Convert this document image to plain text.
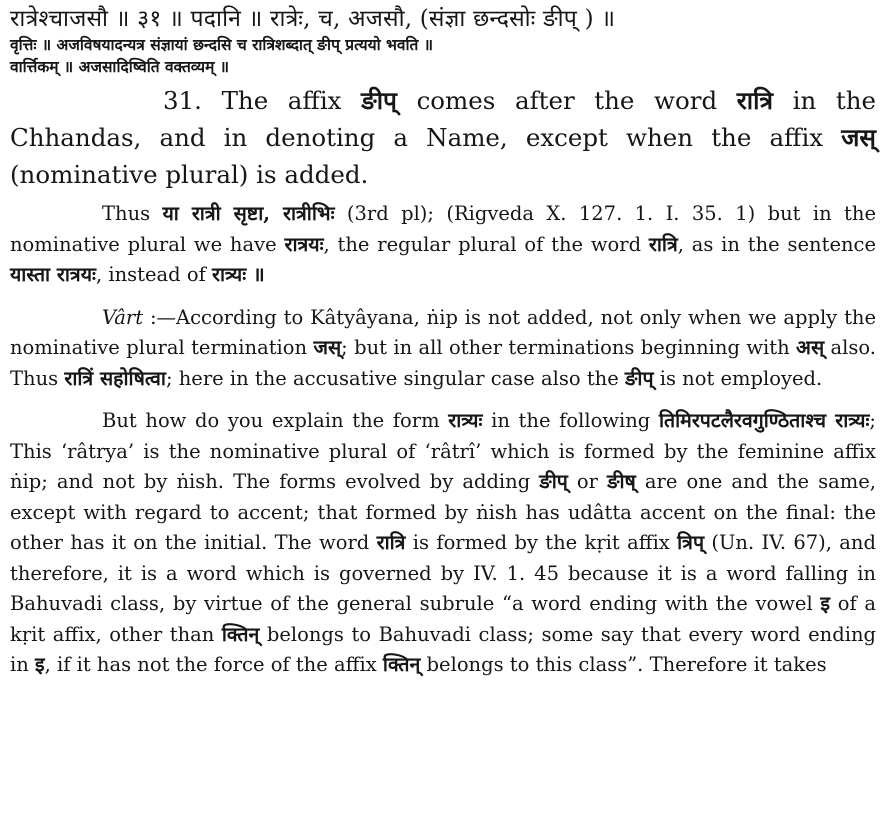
रात्रेश्चाजसौ ॥ ३१ ॥ पदानि ॥ रात्रेः, च, अजसौ, (संज्ञा छन्दसोः ङीप् ) ॥

वृत्तिः ॥ अजविषयादन्यत्र संज्ञायां छन्दसि च रात्रिशब्दात् ङीप् प्रत्ययो भवति ॥

वार्त्तिकम् ॥ अजसादिष्विति वक्तव्यम् ॥

31. The affix ङीप् comes after the word रात्रि in the Chhandas, and in denoting a Name, except when the affix जस् (nominative plural) is added.

Thus या रात्री सृष्टा, रात्रीभिः (3rd pl); (Rigveda X. 127. 1. I. 35. 1) but in the nominative plural we have रात्रयः, the regular plural of the word रात्रि, as in the sentence यास्ता रात्रयः, instead of रात्र्यः ॥

Vârt :—According to Kâtyâyana, ṅip is not added, not only when we apply the nominative plural termination जस्; but in all other terminations beginning with अस् also. Thus रात्रिं सहोषित्वा; here in the accusative singular case also the ङीप् is not employed.

But how do you explain the form रात्र्यः in the following तिमिरपटलैरवगुण्ठिताश्च रात्र्यः; This ‘râtrya’ is the nominative plural of ‘râtrî’ which is formed by the feminine affix ṅip; and not by ṅish. The forms evolved by adding ङीप् or ङीष् are one and the same, except with regard to accent; that formed by ṅish has udâtta accent on the final: the other has it on the initial. The word रात्रि is formed by the kṛit affix त्रिप् (Un. IV. 67), and therefore, it is a word which is governed by IV. 1. 45 because it is a word falling in Bahuvadi class, by virtue of the general subrule “a word ending with the vowel इ of a kṛit affix, other than क्तिन् belongs to Bahuvadi class; some say that every word ending in इ, if it has not the force of the affix क्तिन् belongs to this class”. Therefore it takes
